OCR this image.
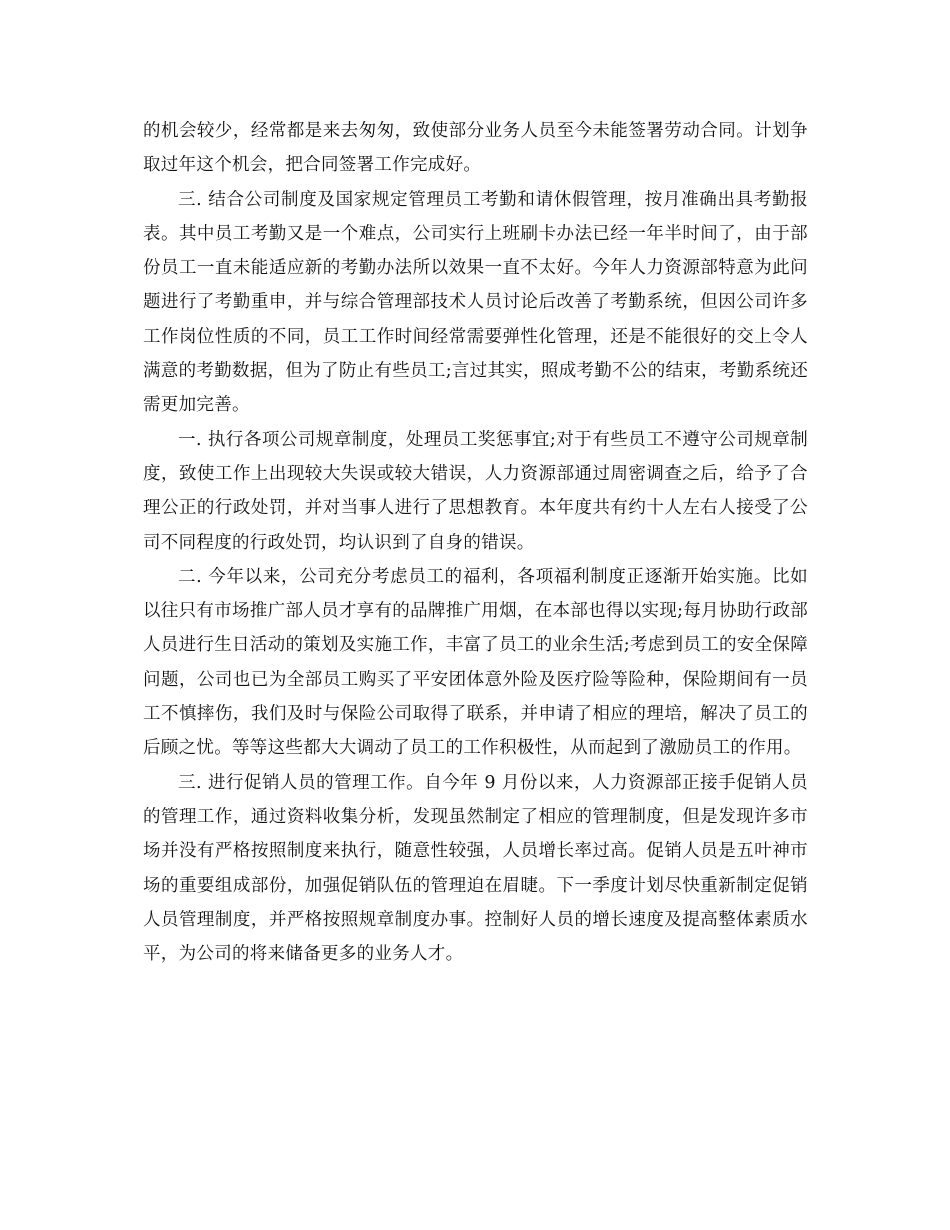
的机会较少，经常都是来去匆匆，致使部分业务人员至今未能签署劳动合同。计划争取过年这个机会，把合同签署工作完成好。

三. 结合公司制度及国家规定管理员工考勤和请休假管理，按月准确出具考勤报表。其中员工考勤又是一个难点，公司实行上班刷卡办法已经一年半时间了，由于部份员工一直未能适应新的考勤办法所以效果一直不太好。今年人力资源部特意为此问题进行了考勤重申，并与综合管理部技术人员讨论后改善了考勤系统，但因公司许多工作岗位性质的不同，员工工作时间经常需要弹性化管理，还是不能很好的交上令人满意的考勤数据，但为了防止有些员工;言过其实，照成考勤不公的结束，考勤系统还需更加完善。

一. 执行各项公司规章制度，处理员工奖惩事宜;对于有些员工不遵守公司规章制度，致使工作上出现较大失误或较大错误，人力资源部通过周密调查之后，给予了合理公正的行政处罚，并对当事人进行了思想教育。本年度共有约十人左右人接受了公司不同程度的行政处罚，均认识到了自身的错误。

二. 今年以来，公司充分考虑员工的福利，各项福利制度正逐渐开始实施。比如以往只有市场推广部人员才享有的品牌推广用烟，在本部也得以实现;每月协助行政部人员进行生日活动的策划及实施工作，丰富了员工的业余生活;考虑到员工的安全保障问题，公司也已为全部员工购买了平安团体意外险及医疗险等险种，保险期间有一员工不慎摔伤，我们及时与保险公司取得了联系，并申请了相应的理培，解决了员工的后顾之忧。等等这些都大大调动了员工的工作积极性，从而起到了激励员工的作用。

三. 进行促销人员的管理工作。自今年 9 月份以来，人力资源部正接手促销人员的管理工作，通过资料收集分析，发现虽然制定了相应的管理制度，但是发现许多市场并没有严格按照制度来执行，随意性较强，人员增长率过高。促销人员是五叶神市场的重要组成部份，加强促销队伍的管理迫在眉睫。下一季度计划尽快重新制定促销人员管理制度，并严格按照规章制度办事。控制好人员的增长速度及提高整体素质水平，为公司的将来储备更多的业务人才。
